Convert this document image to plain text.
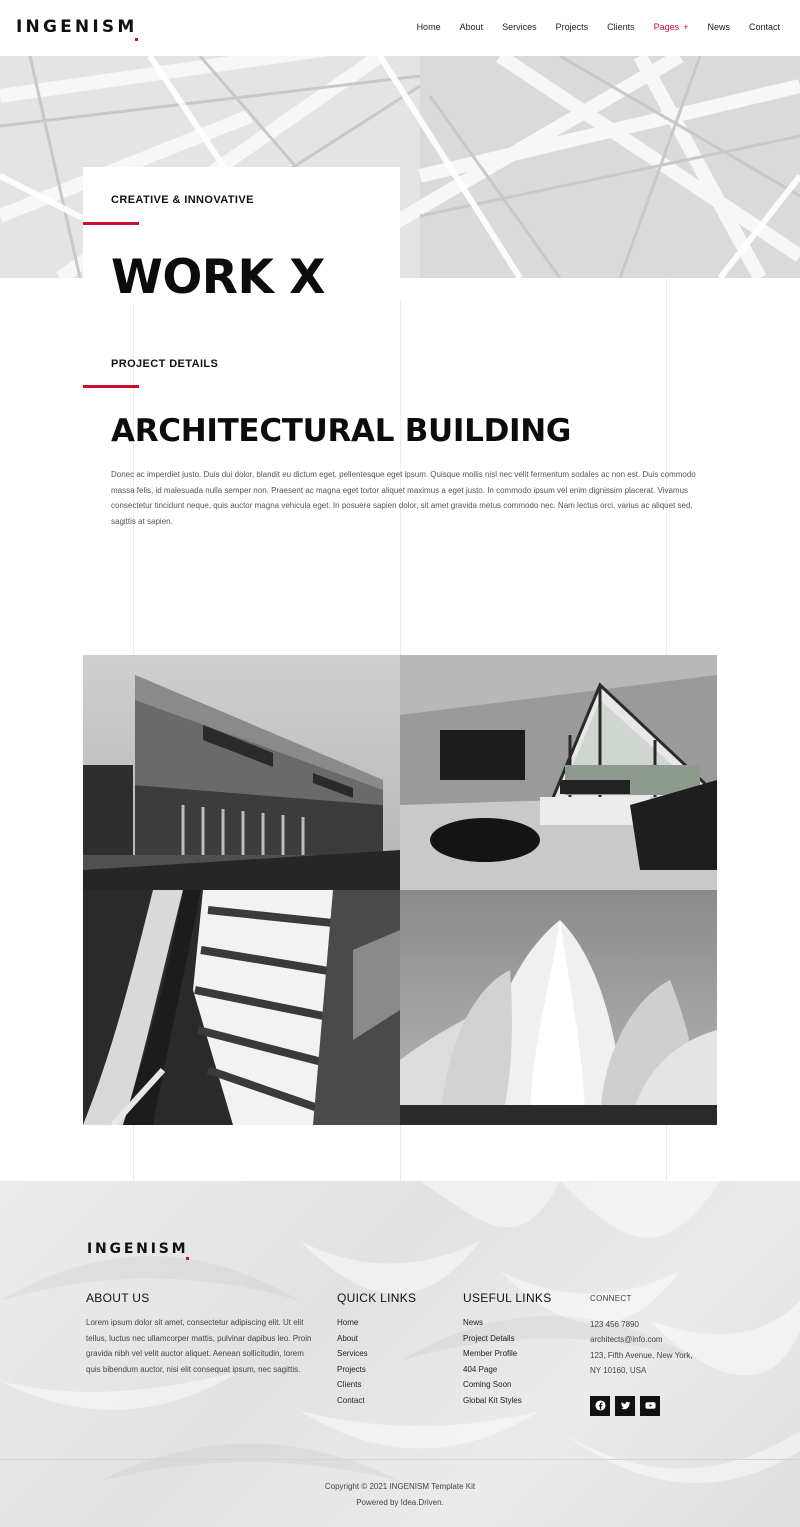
INGENISM	Home About Services Projects Clients Pages + News Contact
CREATIVE & INNOVATIVE
WORK X
PROJECT DETAILS
ARCHITECTURAL BUILDING

Donec ac imperdiet justo. Duis dui dolor, blandit eu dictum eget, pellentesque eget ipsum. Quisque mollis nisl nec velit fermentum sodales ac non est. Duis commodo massa felis, id malesuada nulla semper non. Praesent ac magna eget tortor aliquet maximus a eget justo. In commodo ipsum vel enim dignissim placerat. Vivamus consectetur tincidunt neque, quis auctor magna vehicula eget. In posuere sapien dolor, sit amet gravida metus commodo nec. Nam lectus orci, varius ac aliquet sed, sagittis at sapien.

INGENISM
ABOUT US

Lorem ipsum dolor sit amet, consectetur adipiscing elit. Ut elit tellus, luctus nec ullamcorper mattis, pulvinar dapibus leo. Proin gravida nibh vel velit auctor aliquet. Aenean sollicitudin, lorem quis bibendum auctor, nisi elit consequat ipsum, nec sagittis.

QUICK LINKS
Home
About
Services
Projects
Clients
Contact
USEFUL LINKS
News
Project Details
Member Profile
404 Page
Coming Soon
Global Kit Styles
CONNECT
123 456 7890
architects@info.com
123, Fifth Avenue, New York,
NY 10160, USA
Copyright © 2021 INGENISM Template Kit
Powered by Idea.Driven.
